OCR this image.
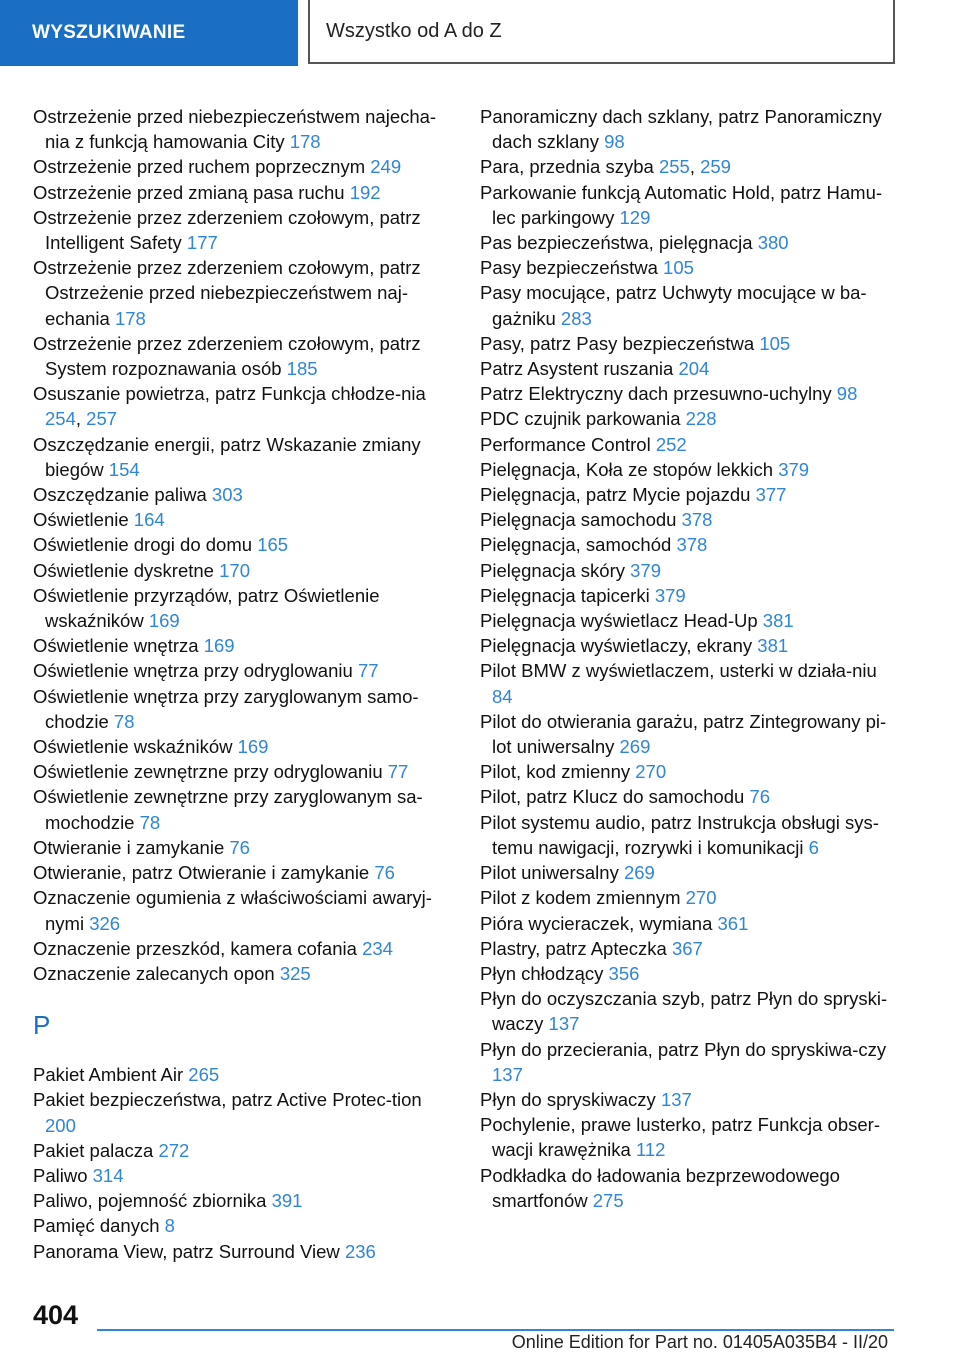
WYSZUKIWANIE	Wszystko od A do Z

Ostrzeżenie przed niebezpieczeństwem najecha-nia z funkcją hamowania City 178

Ostrzeżenie przed ruchem poprzecznym 249

Ostrzeżenie przed zmianą pasa ruchu 192

Ostrzeżenie przez zderzeniem czołowym, patrz Intelligent Safety 177

Ostrzeżenie przez zderzeniem czołowym, patrz Ostrzeżenie przed niebezpieczeństwem naj-echania 178

Ostrzeżenie przez zderzeniem czołowym, patrz System rozpoznawania osób 185

Osuszanie powietrza, patrz Funkcja chłodze-nia 254, 257

Oszczędzanie energii, patrz Wskazanie zmiany biegów 154

Oszczędzanie paliwa 303

Oświetlenie 164

Oświetlenie drogi do domu 165

Oświetlenie dyskretne 170

Oświetlenie przyrządów, patrz Oświetlenie wskaźników 169

Oświetlenie wnętrza 169

Oświetlenie wnętrza przy odryglowaniu 77

Oświetlenie wnętrza przy zaryglowanym samo-chodzie 78

Oświetlenie wskaźników 169

Oświetlenie zewnętrzne przy odryglowaniu 77

Oświetlenie zewnętrzne przy zaryglowanym sa-mochodzie 78

Otwieranie i zamykanie 76

Otwieranie, patrz Otwieranie i zamykanie 76

Oznaczenie ogumienia z właściwościami awaryj-nymi 326

Oznaczenie przeszkód, kamera cofania 234

Oznaczenie zalecanych opon 325

P

Pakiet Ambient Air 265

Pakiet bezpieczeństwa, patrz Active Protec-tion 200

Pakiet palacza 272

Paliwo 314

Paliwo, pojemność zbiornika 391

Pamięć danych 8

Panorama View, patrz Surround View 236

Panoramiczny dach szklany, patrz Panoramiczny dach szklany 98

Para, przednia szyba 255, 259

Parkowanie funkcją Automatic Hold, patrz Hamu-lec parkingowy 129

Pas bezpieczeństwa, pielęgnacja 380

Pasy bezpieczeństwa 105

Pasy mocujące, patrz Uchwyty mocujące w ba-gażniku 283

Pasy, patrz Pasy bezpieczeństwa 105

Patrz Asystent ruszania 204

Patrz Elektryczny dach przesuwno-uchylny 98

PDC czujnik parkowania 228

Performance Control 252

Pielęgnacja, Koła ze stopów lekkich 379

Pielęgnacja, patrz Mycie pojazdu 377

Pielęgnacja samochodu 378

Pielęgnacja, samochód 378

Pielęgnacja skóry 379

Pielęgnacja tapicerki 379

Pielęgnacja wyświetlacz Head-Up 381

Pielęgnacja wyświetlaczy, ekrany 381

Pilot BMW z wyświetlaczem, usterki w działa-niu 84

Pilot do otwierania garażu, patrz Zintegrowany pi-lot uniwersalny 269

Pilot, kod zmienny 270

Pilot, patrz Klucz do samochodu 76

Pilot systemu audio, patrz Instrukcja obsługi sys-temu nawigacji, rozrywki i komunikacji 6

Pilot uniwersalny 269

Pilot z kodem zmiennym 270

Pióra wycieraczek, wymiana 361

Plastry, patrz Apteczka 367

Płyn chłodzący 356

Płyn do oczyszczania szyb, patrz Płyn do spryski-waczy 137

Płyn do przecierania, patrz Płyn do spryskiwa-czy 137

Płyn do spryskiwaczy 137

Pochylenie, prawe lusterko, patrz Funkcja obser-wacji krawężnika 112

Podkładka do ładowania bezprzewodowego smartfonów 275

404
Online Edition for Part no. 01405A035B4 - II/20
